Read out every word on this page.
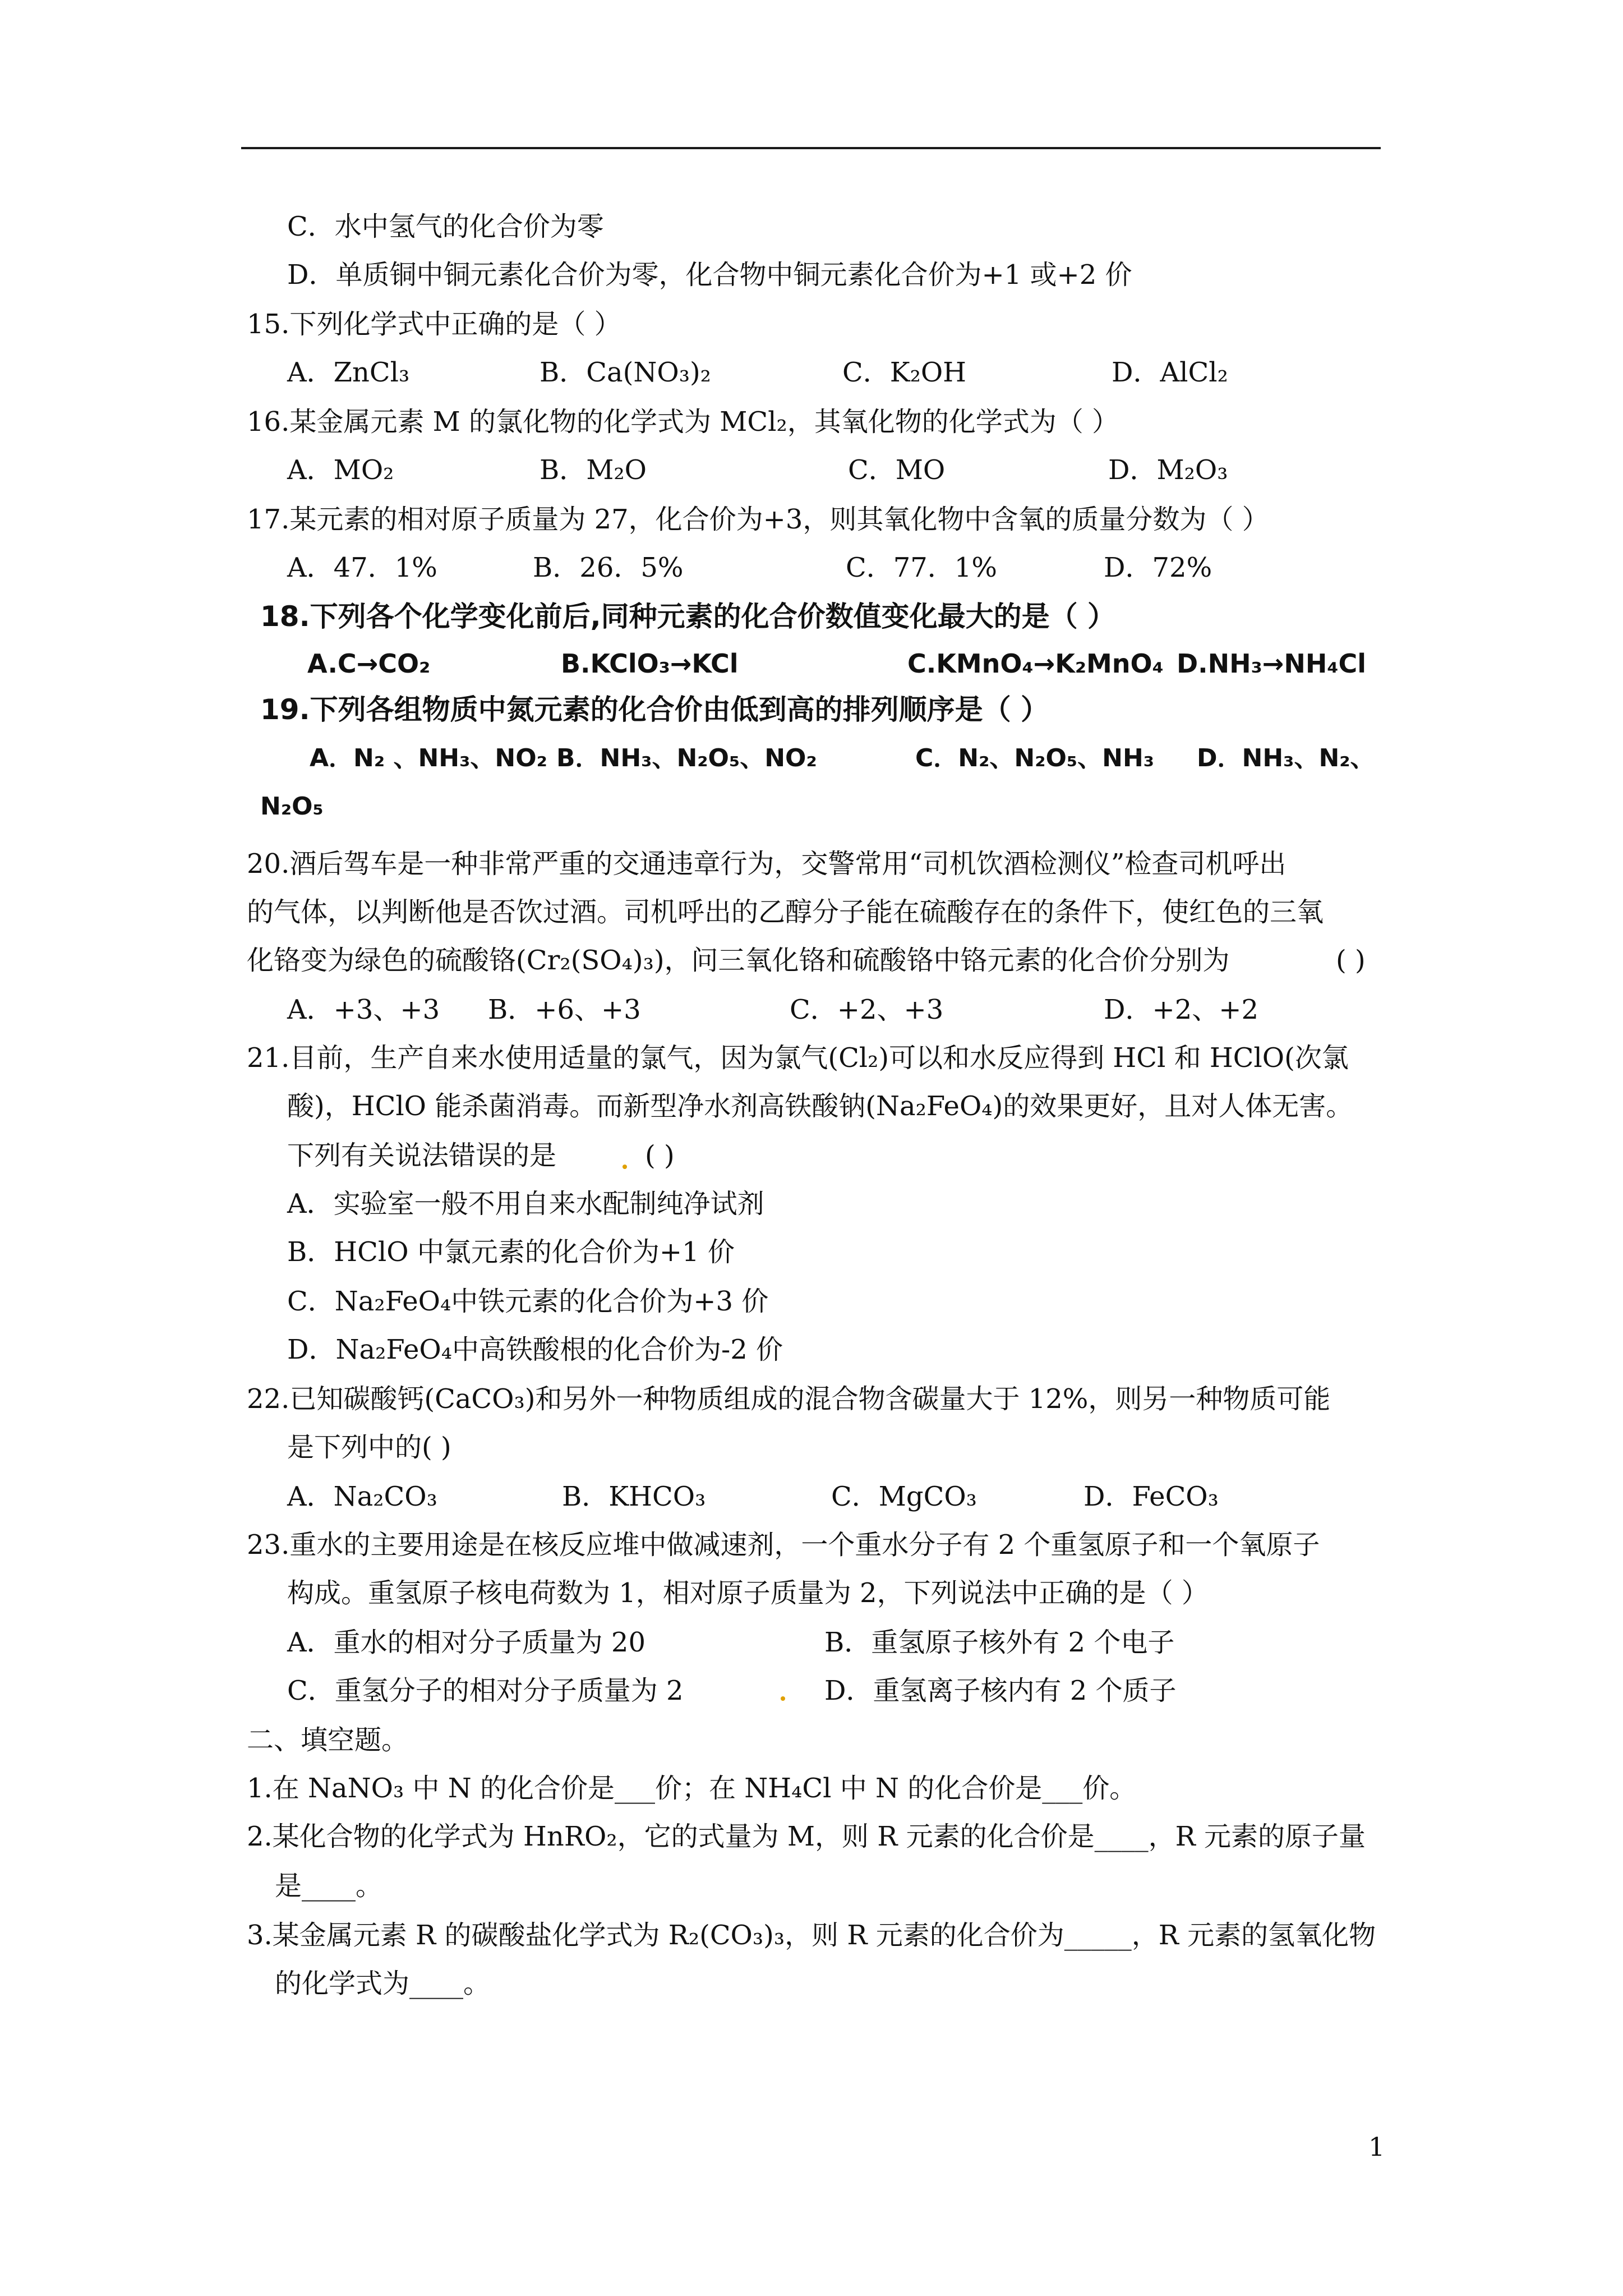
C．水中氢气的化合价为零
D．单质铜中铜元素化合价为零，化合物中铜元素化合价为+1 或+2 价
15.下列化学式中正确的是（ ）
A．ZnCl₃	B．Ca(NO₃)₂	C．K₂OH	D．AlCl₂
16.某金属元素 M 的氯化物的化学式为 MCl₂，其氧化物的化学式为（ ）
A．MO₂	B．M₂O	C．MO	D．M₂O₃
17.某元素的相对原子质量为 27，化合价为+3，则其氧化物中含氧的质量分数为（ ）
A．47．1%	B．26．5%	C．77．1%	D．72%
18.下列各个化学变化前后,同种元素的化合价数值变化最大的是（ ）
A.C→CO₂	B.KClO₃→KCl	C.KMnO₄→K₂MnO₄ D.NH₃→NH₄Cl
19.下列各组物质中氮元素的化合价由低到高的排列顺序是（ ）
A．N₂ 、NH₃、NO₂ B．NH₃、N₂O₅、NO₂	C．N₂、N₂O₅、NH₃ D．NH₃、N₂、
N₂O₅
20.酒后驾车是一种非常严重的交通违章行为，交警常用“司机饮酒检测仪”检查司机呼出
的气体，以判断他是否饮过酒。司机呼出的乙醇分子能在硫酸存在的条件下，使红色的三氧
化铬变为绿色的硫酸铬(Cr₂(SO₄)₃)，问三氧化铬和硫酸铬中铬元素的化合价分别为	( )
A．+3、+3 B．+6、+3	C．+2、+3	D．+2、+2
21.目前，生产自来水使用适量的氯气，因为氯气(Cl₂)可以和水反应得到 HCl 和 HClO(次氯
酸)，HClO 能杀菌消毒。而新型净水剂高铁酸钠(Na₂FeO₄)的效果更好，且对人体无害。
下列有关说法错误的是	( )
A．实验室一般不用自来水配制纯净试剂
B．HClO 中氯元素的化合价为+1 价
C．Na₂FeO₄中铁元素的化合价为+3 价
D．Na₂FeO₄中高铁酸根的化合价为-2 价
22.已知碳酸钙(CaCO₃)和另外一种物质组成的混合物含碳量大于 12%，则另一种物质可能
是下列中的( )
A．Na₂CO₃	B．KHCO₃	C．MgCO₃	D．FeCO₃
23.重水的主要用途是在核反应堆中做减速剂，一个重水分子有 2 个重氢原子和一个氧原子
构成。重氢原子核电荷数为 1，相对原子质量为 2，下列说法中正确的是（ ）
A．重水的相对分子质量为 20	B．重氢原子核外有 2 个电子
C．重氢分子的相对分子质量为 2	D．重氢离子核内有 2 个质子
二、填空题。
1.在 NaNO₃ 中 N 的化合价是___价；在 NH₄Cl 中 N 的化合价是___价。
2.某化合物的化学式为 HnRO₂，它的式量为 M，则 R 元素的化合价是____，R 元素的原子量
是____。
3.某金属元素 R 的碳酸盐化学式为 R₂(CO₃)₃，则 R 元素的化合价为_____，R 元素的氢氧化物
的化学式为____。
1
